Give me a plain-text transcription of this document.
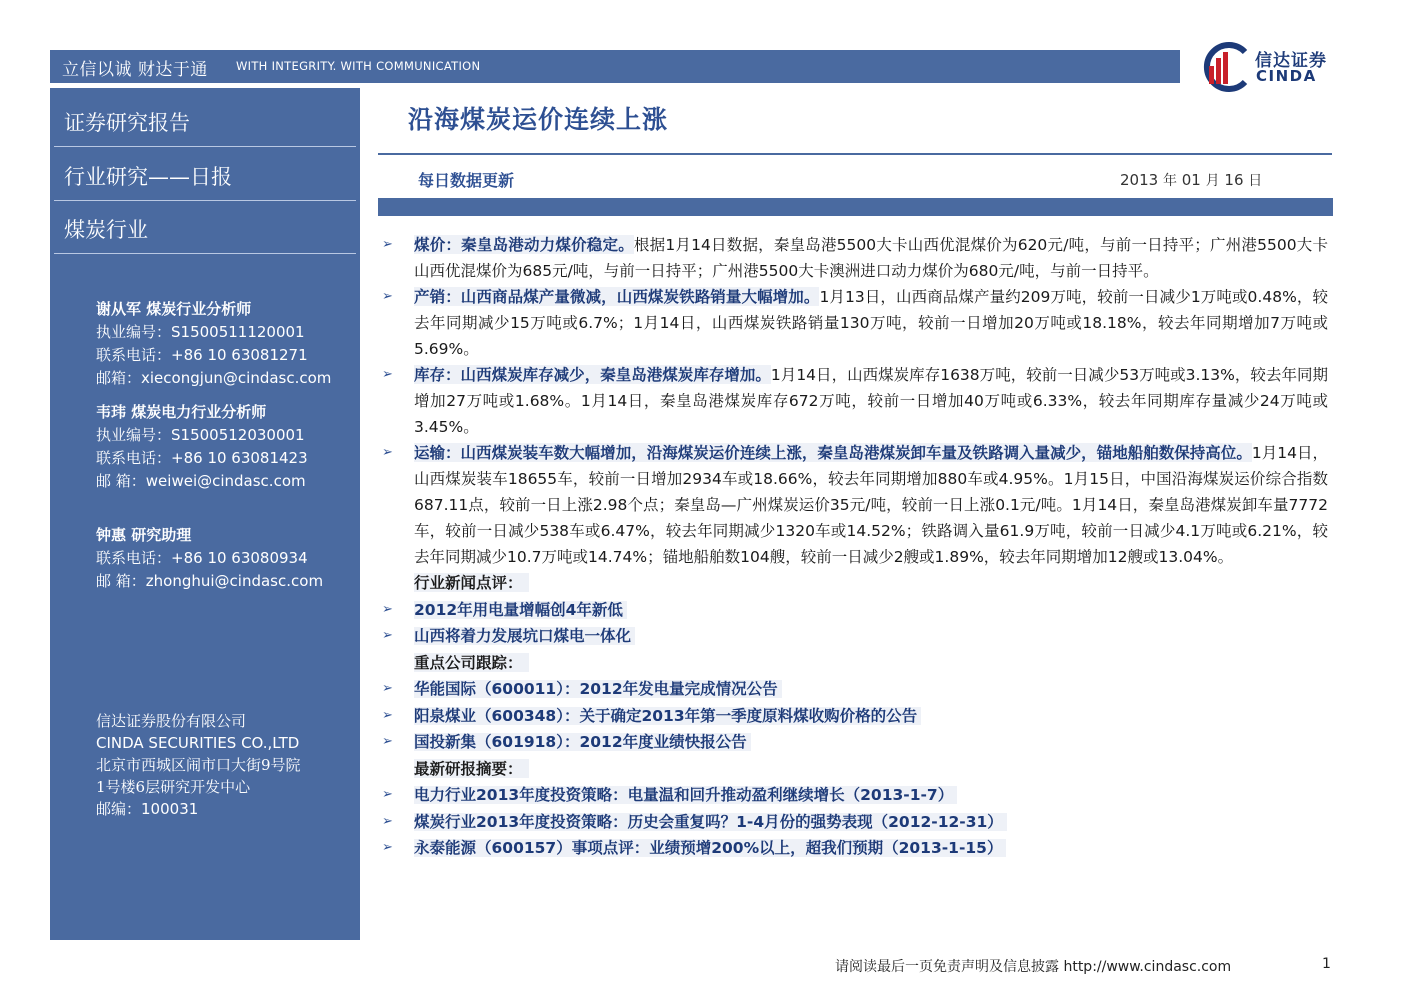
立信以诚 财达于通 WITH INTEGRITY. WITH COMMUNICATION	信达证券
CINDA
证券研究报告
行业研究——日报
煤炭行业
谢从军 煤炭行业分析师
执业编号：S1500511120001
联系电话：+86 10 63081271
邮箱：xiecongjun@cindasc.com
韦玮 煤炭电力行业分析师
执业编号：S1500512030001
联系电话：+86 10 63081423
邮 箱：weiwei@cindasc.com
钟惠 研究助理
联系电话：+86 10 63080934
邮 箱：zhonghui@cindasc.com
信达证券股份有限公司
CINDA SECURITIES CO.,LTD
北京市西城区闹市口大街9号院
1号楼6层研究开发中心
邮编：100031
沿海煤炭运价连续上涨
每日数据更新	2013 年 01 月 16 日
➢ 煤价：秦皇岛港动力煤价稳定。根据1月14日数据，秦皇岛港5500大卡山西优混煤价为620元/吨，与前一日持平；广州港5500大卡山西优混煤价为685元/吨，与前一日持平；广州港5500大卡澳洲进口动力煤价为680元/吨，与前一日持平。
➢ 产销：山西商品煤产量微减，山西煤炭铁路销量大幅增加。1月13日，山西商品煤产量约209万吨，较前一日减少1万吨或0.48%，较去年同期减少15万吨或6.7%；1月14日，山西煤炭铁路销量130万吨，较前一日增加20万吨或18.18%，较去年同期增加7万吨或5.69%。
➢ 库存：山西煤炭库存减少，秦皇岛港煤炭库存增加。1月14日，山西煤炭库存1638万吨，较前一日减少53万吨或3.13%，较去年同期增加27万吨或1.68%。1月14日，秦皇岛港煤炭库存672万吨，较前一日增加40万吨或6.33%，较去年同期库存量减少24万吨或3.45%。
➢ 运输：山西煤炭装车数大幅增加，沿海煤炭运价连续上涨，秦皇岛港煤炭卸车量及铁路调入量减少，锚地船舶数保持高位。1月14日，山西煤炭装车18655车，较前一日增加2934车或18.66%，较去年同期增加880车或4.95%。1月15日，中国沿海煤炭运价综合指数687.11点，较前一日上涨2.98个点；秦皇岛—广州煤炭运价35元/吨，较前一日上涨0.1元/吨。1月14日，秦皇岛港煤炭卸车量7772车，较前一日减少538车或6.47%，较去年同期减少1320车或14.52%；铁路调入量61.9万吨，较前一日减少4.1万吨或6.21%，较去年同期减少10.7万吨或14.74%；锚地船舶数104艘，较前一日减少2艘或1.89%，较去年同期增加12艘或13.04%。
行业新闻点评：
➢ 2012年用电量增幅创4年新低
➢ 山西将着力发展坑口煤电一体化
重点公司跟踪：
➢ 华能国际（600011）：2012年发电量完成情况公告
➢ 阳泉煤业（600348）：关于确定2013年第一季度原料煤收购价格的公告
➢ 国投新集（601918）：2012年度业绩快报公告
最新研报摘要：
➢ 电力行业2013年度投资策略：电量温和回升推动盈利继续增长（2013-1-7）
➢ 煤炭行业2013年度投资策略：历史会重复吗？1-4月份的强势表现（2012-12-31）
➢ 永泰能源（600157）事项点评：业绩预增200%以上，超我们预期（2013-1-15）
请阅读最后一页免责声明及信息披露 http://www.cindasc.com	1
